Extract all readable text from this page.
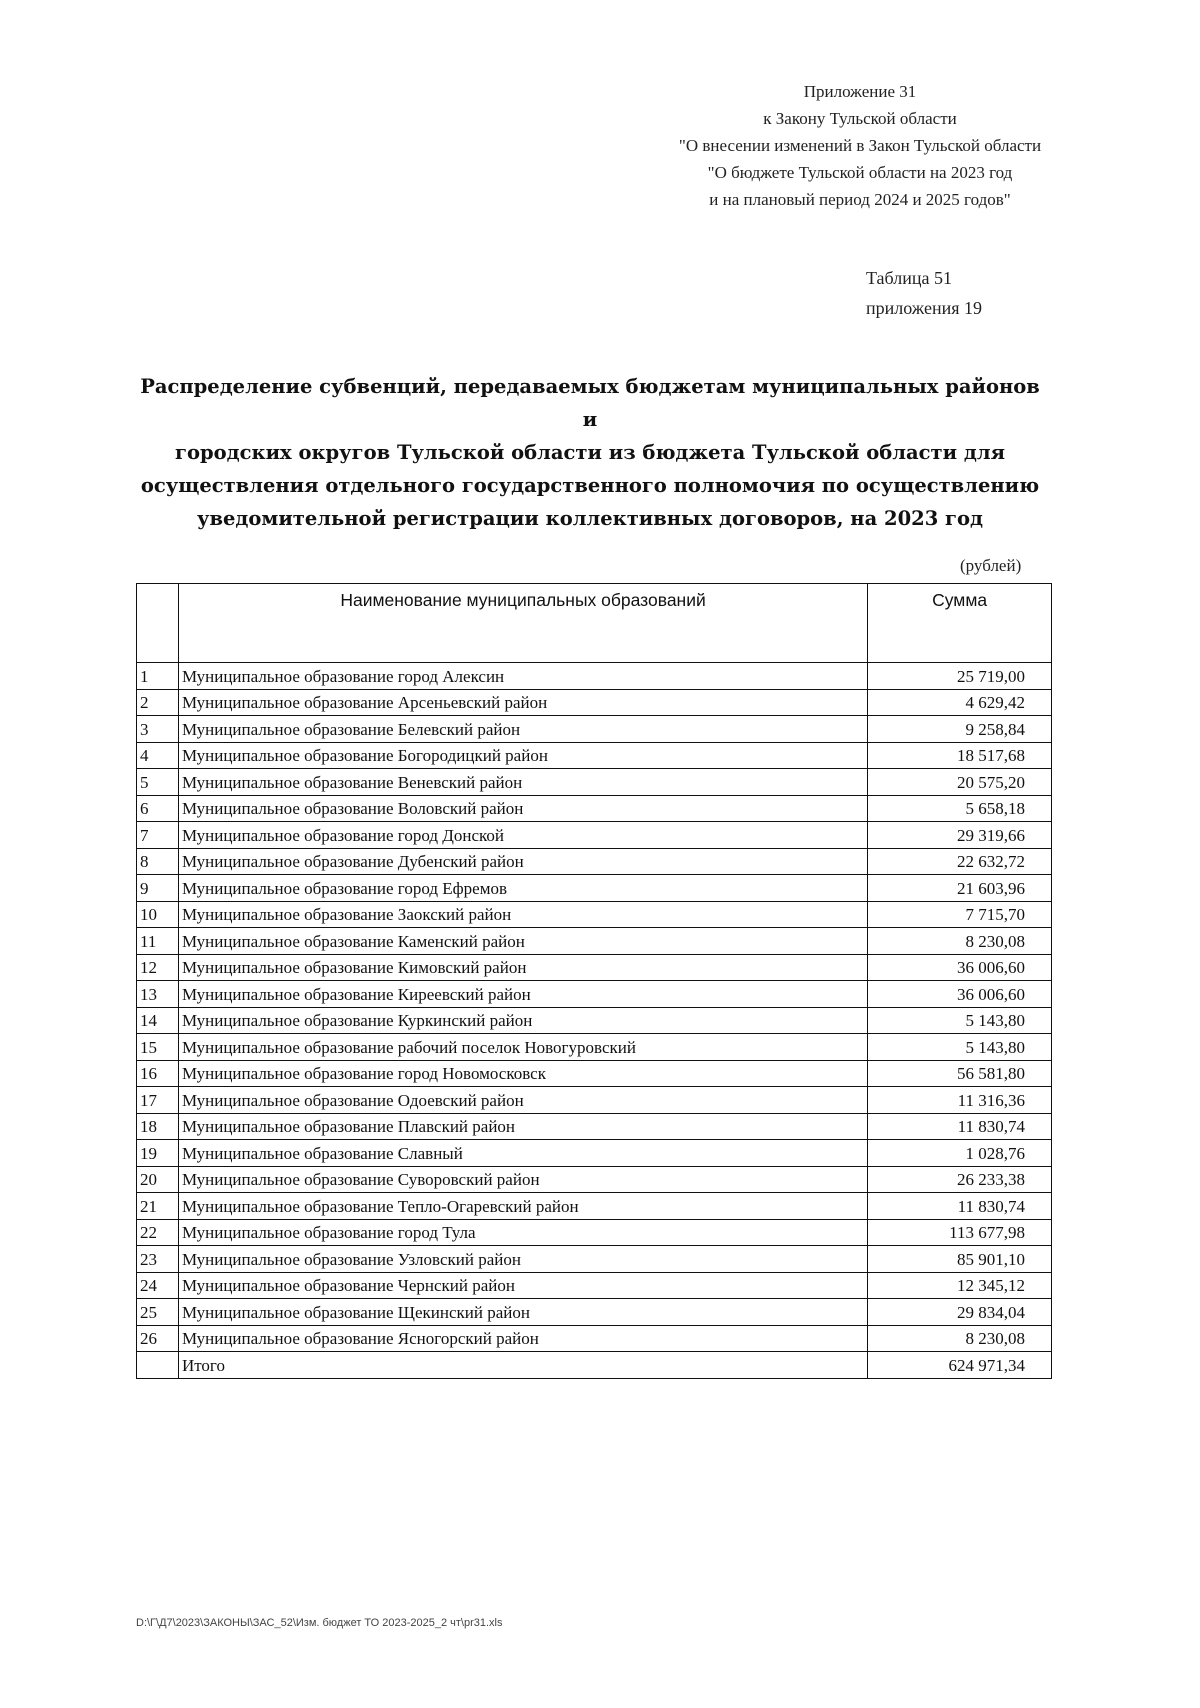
Приложение 31
к Закону Тульской области
"О внесении изменений в Закон Тульской области
"О бюджете Тульской области на 2023 год
и на плановый период 2024 и 2025 годов"
Таблица 51
приложения 19
Распределение субвенций, передаваемых бюджетам муниципальных районов и
городских округов Тульской области из бюджета Тульской области для
осуществления отдельного государственного полномочия по осуществлению
уведомительной регистрации коллективных договоров, на 2023 год
(рублей)
	Наименование муниципальных образований	Сумма
1	Муниципальное образование город Алексин	25 719,00
2	Муниципальное образование Арсеньевский район	4 629,42
3	Муниципальное образование Белевский район	9 258,84
4	Муниципальное образование Богородицкий район	18 517,68
5	Муниципальное образование Веневский район	20 575,20
6	Муниципальное образование Воловский район	5 658,18
7	Муниципальное образование город Донской	29 319,66
8	Муниципальное образование Дубенский район	22 632,72
9	Муниципальное образование город Ефремов	21 603,96
10	Муниципальное образование Заокский район	7 715,70
11	Муниципальное образование Каменский район	8 230,08
12	Муниципальное образование Кимовский район	36 006,60
13	Муниципальное образование Киреевский район	36 006,60
14	Муниципальное образование Куркинский район	5 143,80
15	Муниципальное образование рабочий поселок Новогуровский	5 143,80
16	Муниципальное образование город Новомосковск	56 581,80
17	Муниципальное образование Одоевский район	11 316,36
18	Муниципальное образование Плавский район	11 830,74
19	Муниципальное образование Славный	1 028,76
20	Муниципальное образование Суворовский район	26 233,38
21	Муниципальное образование Тепло-Огаревский район	11 830,74
22	Муниципальное образование город Тула	113 677,98
23	Муниципальное образование Узловский район	85 901,10
24	Муниципальное образование Чернский район	12 345,12
25	Муниципальное образование Щекинский район	29 834,04
26	Муниципальное образование Ясногорский район	8 230,08
	Итого	624 971,34
D:\Г\Д7\2023\ЗАКОНЫ\ЗАС_52\Изм. бюджет ТО 2023-2025_2 чт\pr31.xls
